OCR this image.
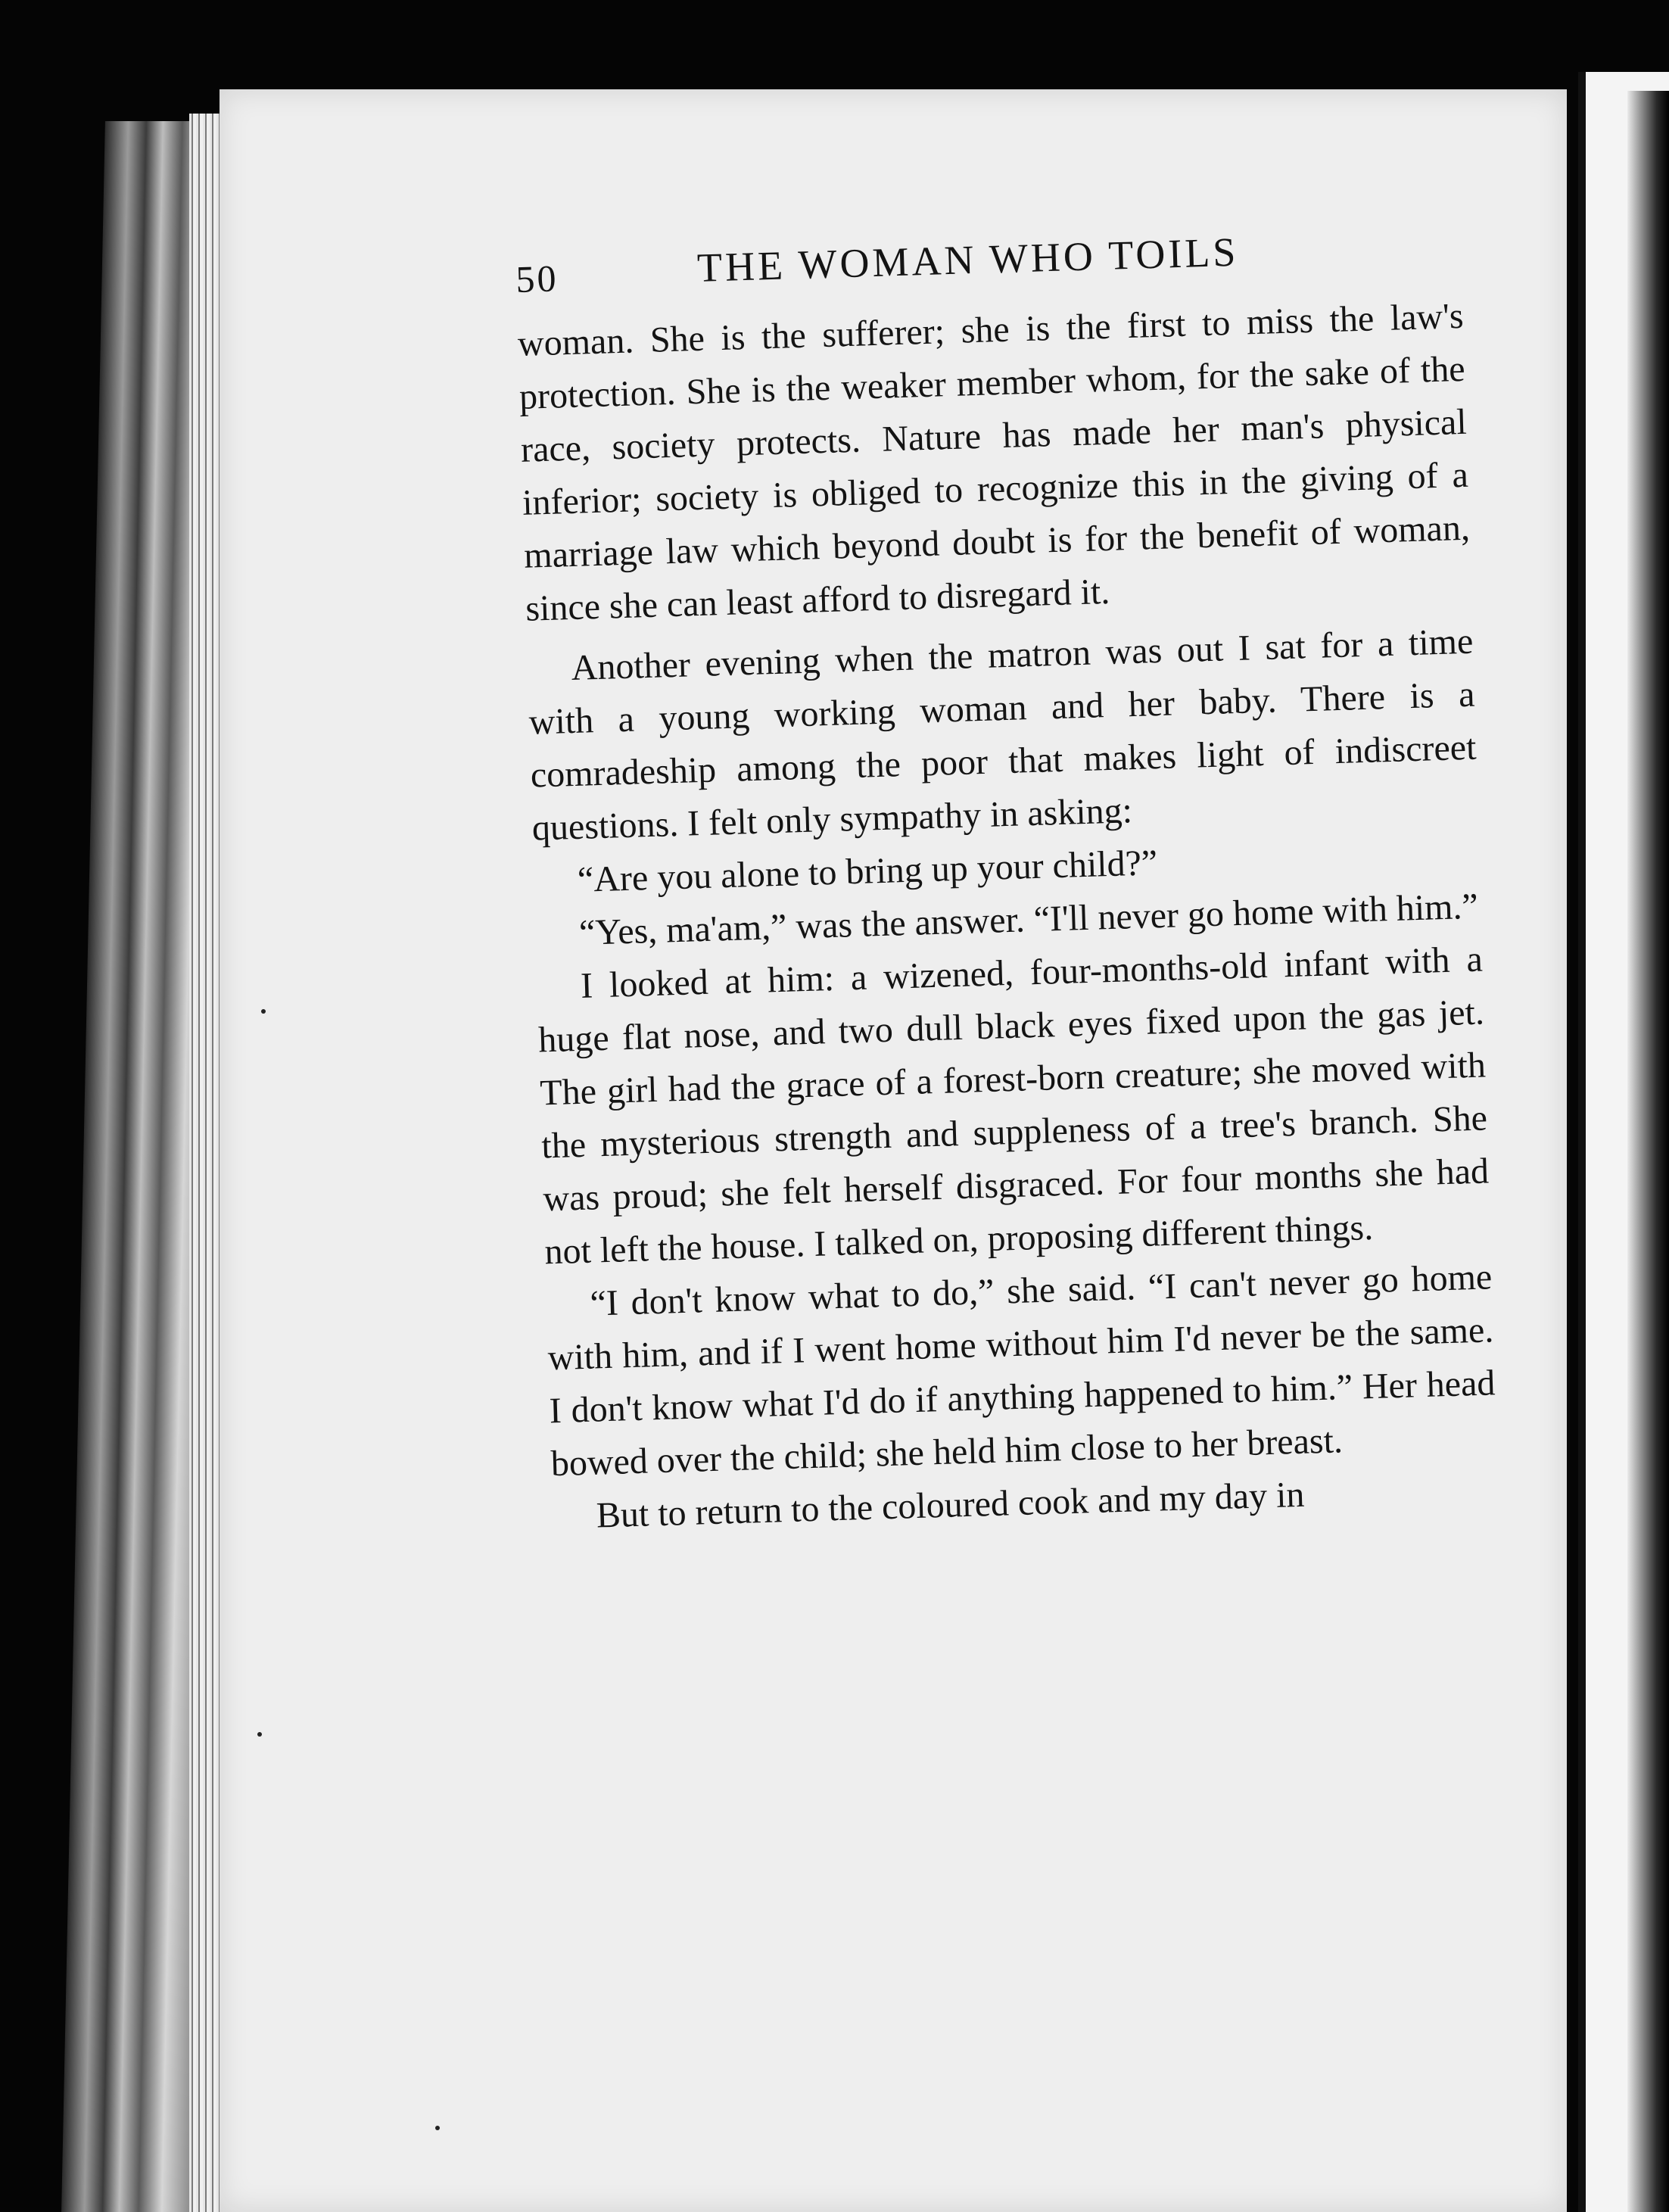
50	THE WOMAN WHO TOILS

woman. She is the sufferer; she is the first to miss the law's protection. She is the weaker member whom, for the sake of the race, society protects. Nature has made her man's physical inferior; society is obliged to recognize this in the giving of a marriage law which beyond doubt is for the benefit of woman, since she can least afford to disregard it.

Another evening when the matron was out I sat for a time with a young working woman and her baby. There is a comradeship among the poor that makes light of indiscreet questions. I felt only sympathy in asking:

“Are you alone to bring up your child?”

“Yes, ma'am,” was the answer. “I'll never go home with him.”

I looked at him: a wizened, four-months-old infant with a huge flat nose, and two dull black eyes fixed upon the gas jet. The girl had the grace of a forest-born creature; she moved with the mysterious strength and suppleness of a tree's branch. She was proud; she felt herself disgraced. For four months she had not left the house. I talked on, proposing different things.

“I don't know what to do,” she said. “I can't never go home with him, and if I went home without him I'd never be the same. I don't know what I'd do if anything happened to him.” Her head bowed over the child; she held him close to her breast.

But to return to the coloured cook and my day in
